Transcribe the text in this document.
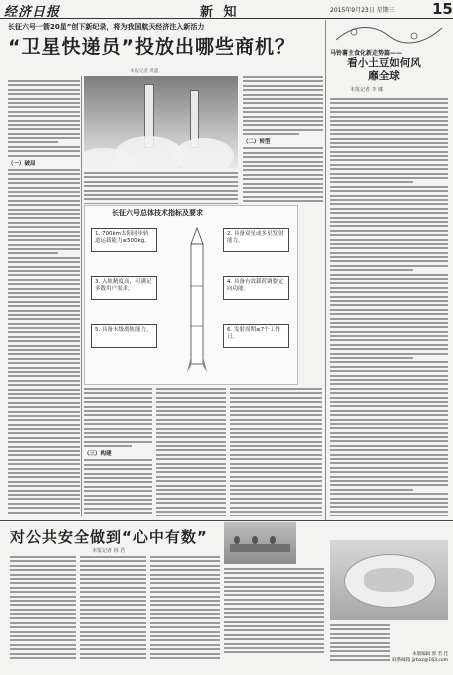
经济日报	新 知	2015年9月23日 星期三 15
长征六号一箭20星”创下新纪录，将为我国航天经济注入新活力
“卫星快递员”投放出哪些商机？
本报记者 黄鑫
（一）破局
（二）转型
1. 700km太阳同步轨道运载能力≥500kg。
2. 具备双星或多星发射能力。
3. 入轨精度高，可满足多数用户需求。
4. 具备有效载荷调姿定向功能。
5. 具备末级离轨能力。	6. 发射周期≤7个工作日。
长征六号总体技术指标及要求
（三）构建
马铃薯主食化新走势篇——
看小土豆如何风靡全球
本报记者 李 娜
对公共安全做到“心中有数”
本报记者 林 君
本版编辑 郭 若 佳
联系邮箱 jjrbxz@163.com
